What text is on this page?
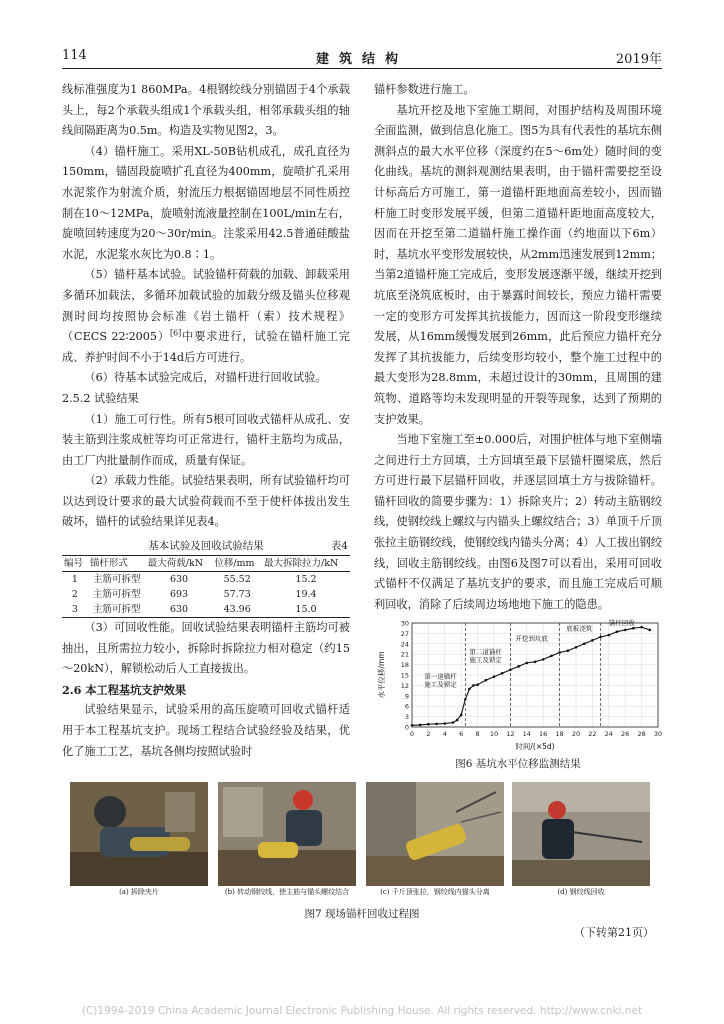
114	建筑结构	2019年

线标准强度为1 860MPa。4根钢绞线分别锚固于4个承载头上，每2个承载头组成1个承载头组，相邻承载头组的轴线间隔距离为0.5m。构造及实物见图2，3。

（4）锚杆施工。采用XL-50B钻机成孔，成孔直径为150mm，锚固段旋喷扩孔直径为400mm，旋喷扩孔采用水泥浆作为射流介质，射流压力根据锚固地层不同性质控制在10～12MPa，旋喷射流液量控制在100L/min左右，旋喷回转速度为20～30r/min。注浆采用42.5普通硅酸盐水泥，水泥浆水灰比为0.8∶1。

（5）锚杆基本试验。试验锚杆荷载的加载、卸载采用多循环加载法，多循环加载试验的加载分级及锚头位移观测时间均按照协会标准《岩土锚杆（索）技术规程》（CECS 22∶2005）[6]中要求进行，试验在锚杆施工完成、养护时间不小于14d后方可进行。

（6）待基本试验完成后，对锚杆进行回收试验。

2.5.2 试验结果

（1）施工可行性。所有5根可回收式锚杆从成孔、安装主筋到注浆成桩等均可正常进行，锚杆主筋均为成品，由工厂内批量制作而成，质量有保证。

（2）承载力性能。试验结果表明，所有试验锚杆均可以达到设计要求的最大试验荷载而不至于使杆体拔出发生破坏，锚杆的试验结果详见表4。

基本试验及回收试验结果	表4
编号	锚杆形式	最大荷载/kN	位移/mm	最大拆除拉力/kN
1	主筋可拆型	630	55.52	15.2
2	主筋可拆型	693	57.73	19.4
3	主筋可拆型	630	43.96	15.0

（3）可回收性能。回收试验结果表明锚杆主筋均可被抽出，且所需拉力较小，拆除时拆除拉力相对稳定（约15～20kN），解锁松动后人工直接拔出。

2.6 本工程基坑支护效果

试验结果显示，试验采用的高压旋喷可回收式锚杆适用于本工程基坑支护。现场工程结合试验经验及结果，优化了施工工艺，基坑各侧均按照试验时

锚杆参数进行施工。

基坑开挖及地下室施工期间，对围护结构及周围环境全面监测，做到信息化施工。图5为具有代表性的基坑东侧测斜点的最大水平位移（深度约在5～6m处）随时间的变化曲线。基坑的测斜观测结果表明，由于锚杆需要挖至设计标高后方可施工，第一道锚杆距地面高差较小，因而锚杆施工时变形发展平缓，但第二道锚杆距地面高度较大，因而在开挖至第二道锚杆施工操作面（约地面以下6m）时，基坑水平变形发展较快，从2mm迅速发展到12mm；当第2道锚杆施工完成后，变形发展逐渐平缓，继续开挖到坑底至浇筑底板时，由于暴露时间较长，预应力锚杆需要一定的变形方可发挥其抗拔能力，因而这一阶段变形继续发展，从16mm缓慢发展到26mm，此后预应力锚杆充分发挥了其抗拔能力，后续变形均较小，整个施工过程中的最大变形为28.8mm，未超过设计的30mm，且周围的建筑物、道路等均未发现明显的开裂等现象，达到了预期的支护效果。

当地下室施工至±0.000后，对围护桩体与地下室侧墙之间进行土方回填，土方回填至最下层锚杆圈梁底，然后方可进行最下层锚杆回收，并逐层回填土方与拔除锚杆。锚杆回收的简要步骤为：1）拆除夹片；2）转动主筋钢绞线，使钢绞线上螺纹与内锚头上螺纹结合；3）单顶千斤顶张拉主筋钢绞线，使钢绞线内锚头分离；4）人工拔出钢绞线，回收主筋钢绞线。由图6及图7可以看出，采用可回收式锚杆不仅满足了基坑支护的要求，而且施工完成后可顺利回收，消除了后续周边场地地下施工的隐患。

0
3
6
9
12
15
18
21
24
27
30
0 2 4 6 8 10 12 14 16 18 20 22 24 26 28 30
第一道锚杆施工及锁定
第二道锚杆施工及锁定
开挖到坑底
底板浇筑
锚杆回收
时间/(×5d)
水平位移/mm
图6 基坑水平位移监测结果
(a) 拆除夹片	(b) 转动钢绞线，使主筋与锚头螺纹结合	(c) 千斤顶张拉，钢绞线内锚头分离	(d) 钢绞线回收
图7 现场锚杆回收过程图
（下转第21页）
(C)1994-2019 China Academic Journal Electronic Publishing House. All rights reserved. http://www.cnki.net
